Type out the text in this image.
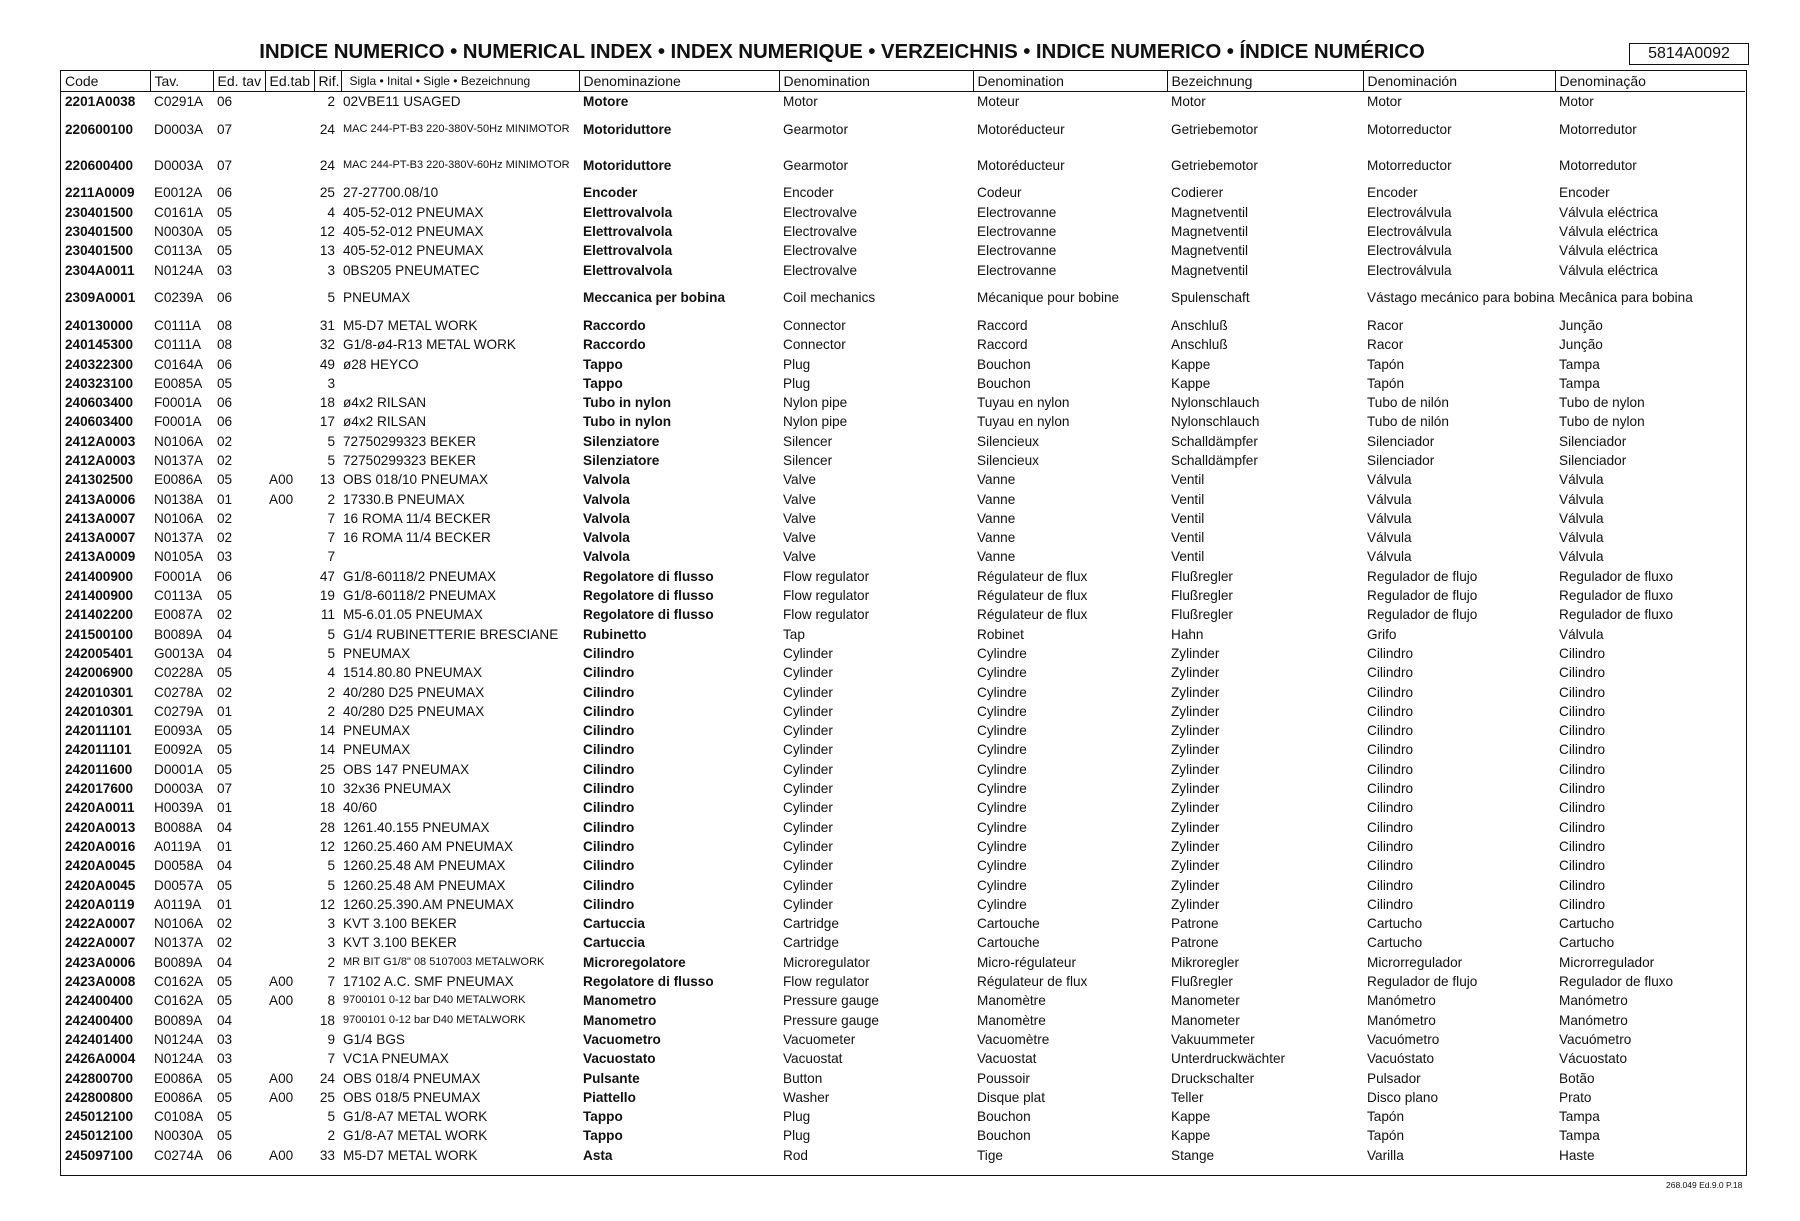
INDICE NUMERICO • NUMERICAL INDEX • INDEX NUMERIQUE • VERZEICHNIS • INDICE NUMERICO • ÍNDICE NUMÉRICO	5814A0092
Code	Tav.	Ed. tav	Ed.tab	Rif.	Sigla • Inital • Sigle • Bezeichnung	Denominazione	Denomination	Denomination	Bezeichnung	Denominación	Denominação
2201A0038	C0291A	06		2	02VBE11 USAGED	Motore	Motor	Moteur	Motor	Motor	Motor
220600100	D0003A	07		24	MAC 244-PT-B3 220-380V-50Hz MINIMOTOR	Motoriduttore	Gearmotor	Motoréducteur	Getriebemotor	Motorreductor	Motorredutor
220600400	D0003A	07		24	MAC 244-PT-B3 220-380V-60Hz MINIMOTOR	Motoriduttore	Gearmotor	Motoréducteur	Getriebemotor	Motorreductor	Motorredutor
2211A0009	E0012A	06		25	27-27700.08/10	Encoder	Encoder	Codeur	Codierer	Encoder	Encoder
230401500	C0161A	05		4	405-52-012 PNEUMAX	Elettrovalvola	Electrovalve	Electrovanne	Magnetventil	Electroválvula	Válvula eléctrica
230401500	N0030A	05		12	405-52-012 PNEUMAX	Elettrovalvola	Electrovalve	Electrovanne	Magnetventil	Electroválvula	Válvula eléctrica
230401500	C0113A	05		13	405-52-012 PNEUMAX	Elettrovalvola	Electrovalve	Electrovanne	Magnetventil	Electroválvula	Válvula eléctrica
2304A0011	N0124A	03		3	0BS205 PNEUMATEC	Elettrovalvola	Electrovalve	Electrovanne	Magnetventil	Electroválvula	Válvula eléctrica
2309A0001	C0239A	06		5	PNEUMAX	Meccanica per bobina	Coil mechanics	Mécanique pour bobine	Spulenschaft	Vástago mecánico para bobina	Mecânica para bobina
240130000	C0111A	08		31	M5-D7 METAL WORK	Raccordo	Connector	Raccord	Anschluß	Racor	Junção
240145300	C0111A	08		32	G1/8-ø4-R13 METAL WORK	Raccordo	Connector	Raccord	Anschluß	Racor	Junção
240322300	C0164A	06		49	ø28 HEYCO	Tappo	Plug	Bouchon	Kappe	Tapón	Tampa
240323100	E0085A	05		3		Tappo	Plug	Bouchon	Kappe	Tapón	Tampa
240603400	F0001A	06		18	ø4x2 RILSAN	Tubo in nylon	Nylon pipe	Tuyau en nylon	Nylonschlauch	Tubo de nilón	Tubo de nylon
240603400	F0001A	06		17	ø4x2 RILSAN	Tubo in nylon	Nylon pipe	Tuyau en nylon	Nylonschlauch	Tubo de nilón	Tubo de nylon
2412A0003	N0106A	02		5	72750299323 BEKER	Silenziatore	Silencer	Silencieux	Schalldämpfer	Silenciador	Silenciador
2412A0003	N0137A	02		5	72750299323 BEKER	Silenziatore	Silencer	Silencieux	Schalldämpfer	Silenciador	Silenciador
241302500	E0086A	05	A00	13	OBS 018/10 PNEUMAX	Valvola	Valve	Vanne	Ventil	Válvula	Válvula
2413A0006	N0138A	01	A00	2	17330.B PNEUMAX	Valvola	Valve	Vanne	Ventil	Válvula	Válvula
2413A0007	N0106A	02		7	16 ROMA 11/4 BECKER	Valvola	Valve	Vanne	Ventil	Válvula	Válvula
2413A0007	N0137A	02		7	16 ROMA 11/4 BECKER	Valvola	Valve	Vanne	Ventil	Válvula	Válvula
2413A0009	N0105A	03		7		Valvola	Valve	Vanne	Ventil	Válvula	Válvula
241400900	F0001A	06		47	G1/8-60118/2 PNEUMAX	Regolatore di flusso	Flow regulator	Régulateur de flux	Flußregler	Regulador de flujo	Regulador de fluxo
241400900	C0113A	05		19	G1/8-60118/2 PNEUMAX	Regolatore di flusso	Flow regulator	Régulateur de flux	Flußregler	Regulador de flujo	Regulador de fluxo
241402200	E0087A	02		11	M5-6.01.05 PNEUMAX	Regolatore di flusso	Flow regulator	Régulateur de flux	Flußregler	Regulador de flujo	Regulador de fluxo
241500100	B0089A	04		5	G1/4 RUBINETTERIE BRESCIANE	Rubinetto	Tap	Robinet	Hahn	Grifo	Válvula
242005401	G0013A	04		5	PNEUMAX	Cilindro	Cylinder	Cylindre	Zylinder	Cilindro	Cilindro
242006900	C0228A	05		4	1514.80.80 PNEUMAX	Cilindro	Cylinder	Cylindre	Zylinder	Cilindro	Cilindro
242010301	C0278A	02		2	40/280 D25 PNEUMAX	Cilindro	Cylinder	Cylindre	Zylinder	Cilindro	Cilindro
242010301	C0279A	01		2	40/280 D25 PNEUMAX	Cilindro	Cylinder	Cylindre	Zylinder	Cilindro	Cilindro
242011101	E0093A	05		14	PNEUMAX	Cilindro	Cylinder	Cylindre	Zylinder	Cilindro	Cilindro
242011101	E0092A	05		14	PNEUMAX	Cilindro	Cylinder	Cylindre	Zylinder	Cilindro	Cilindro
242011600	D0001A	05		25	OBS 147 PNEUMAX	Cilindro	Cylinder	Cylindre	Zylinder	Cilindro	Cilindro
242017600	D0003A	07		10	32x36 PNEUMAX	Cilindro	Cylinder	Cylindre	Zylinder	Cilindro	Cilindro
2420A0011	H0039A	01		18	40/60	Cilindro	Cylinder	Cylindre	Zylinder	Cilindro	Cilindro
2420A0013	B0088A	04		28	1261.40.155 PNEUMAX	Cilindro	Cylinder	Cylindre	Zylinder	Cilindro	Cilindro
2420A0016	A0119A	01		12	1260.25.460 AM PNEUMAX	Cilindro	Cylinder	Cylindre	Zylinder	Cilindro	Cilindro
2420A0045	D0058A	04		5	1260.25.48 AM PNEUMAX	Cilindro	Cylinder	Cylindre	Zylinder	Cilindro	Cilindro
2420A0045	D0057A	05		5	1260.25.48 AM PNEUMAX	Cilindro	Cylinder	Cylindre	Zylinder	Cilindro	Cilindro
2420A0119	A0119A	01		12	1260.25.390.AM PNEUMAX	Cilindro	Cylinder	Cylindre	Zylinder	Cilindro	Cilindro
2422A0007	N0106A	02		3	KVT 3.100 BEKER	Cartuccia	Cartridge	Cartouche	Patrone	Cartucho	Cartucho
2422A0007	N0137A	02		3	KVT 3.100 BEKER	Cartuccia	Cartridge	Cartouche	Patrone	Cartucho	Cartucho
2423A0006	B0089A	04		2	MR BIT G1/8" 08 5107003 METALWORK	Microregolatore	Microregulator	Micro-régulateur	Mikroregler	Microrregulador	Microrregulador
2423A0008	C0162A	05	A00	7	17102 A.C. SMF PNEUMAX	Regolatore di flusso	Flow regulator	Régulateur de flux	Flußregler	Regulador de flujo	Regulador de fluxo
242400400	C0162A	05	A00	8	9700101 0-12 bar D40 METALWORK	Manometro	Pressure gauge	Manomètre	Manometer	Manómetro	Manómetro
242400400	B0089A	04		18	9700101 0-12 bar D40 METALWORK	Manometro	Pressure gauge	Manomètre	Manometer	Manómetro	Manómetro
242401400	N0124A	03		9	G1/4 BGS	Vacuometro	Vacuometer	Vacuomètre	Vakuummeter	Vacuómetro	Vacuómetro
2426A0004	N0124A	03		7	VC1A PNEUMAX	Vacuostato	Vacuostat	Vacuostat	Unterdruckwächter	Vacuóstato	Vácuostato
242800700	E0086A	05	A00	24	OBS 018/4 PNEUMAX	Pulsante	Button	Poussoir	Druckschalter	Pulsador	Botão
242800800	E0086A	05	A00	25	OBS 018/5 PNEUMAX	Piattello	Washer	Disque plat	Teller	Disco plano	Prato
245012100	C0108A	05		5	G1/8-A7 METAL WORK	Tappo	Plug	Bouchon	Kappe	Tapón	Tampa
245012100	N0030A	05		2	G1/8-A7 METAL WORK	Tappo	Plug	Bouchon	Kappe	Tapón	Tampa
245097100	C0274A	06	A00	33	M5-D7 METAL WORK	Asta	Rod	Tige	Stange	Varilla	Haste
268.049 Ed.9.0 P.18
